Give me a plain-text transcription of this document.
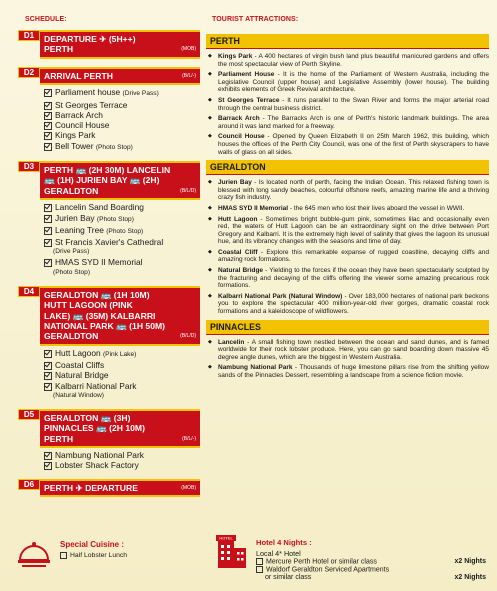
SCHEDULE:	TOURIST ATTRACTIONS:
D1	DEPARTURE ✈ (5H++)
PERTH	(MOB)
D2	ARRIVAL PERTH	(B/L/-)
Parliament house (Drive Pass)
St Georges Terrace
Barrack Arch
Council House
Kings Park
Bell Tower (Photo Stop)
D3	PERTH 🚌 (2H 30M) LANCELIN
🚌 (1H) JURIEN BAY 🚌 (2H)
GERALDTON	(B/L/D)
Lancelin Sand Boarding
Jurien Bay (Photo Stop)
Leaning Tree (Photo Stop)
St Francis Xavier's Cathedral
(Drive Pass)
HMAS SYD II Memorial
(Photo Stop)
D4	GERALDTON 🚌 (1H 10M)
HUTT LAGOON (PINK
LAKE) 🚌 (35M) KALBARRI
NATIONAL PARK 🚌 (1H 50M)
GERALDTON	(B/L/D)
Hutt Lagoon (Pink Lake)
Coastal Cliffs
Natural Bridge
Kalbarri National Park
(Natural Window)
D5	GERALDTON 🚌 (3H)
PINNACLES 🚌 (2H 10M)
PERTH	(B/L/-)
Nambung National Park
Lobster Shack Factory
D6	PERTH ✈ DEPARTURE	(MOB)
PERTH
◆ Kings Park - A 400 hectares of virgin bush land plus beautiful manicured gardens and offers the most spectacular view of Perth Skyline.
◆ Parliament House - It is the home of the Parliament of Western Australia, including the Legislative Council (upper house) and Legislative Assembly (lower house). The building exhibits elements of Greek Revival architecture.
◆ St Georges Terrace - It runs parallel to the Swan River and forms the major arterial road through the central business district.
◆ Barrack Arch - The Barracks Arch is one of Perth's historic landmark buildings. The area around it was land marked for a freeway.
◆ Council House - Opened by Queen Elizabeth II on 25th March 1962, this building, which houses the offices of the Perth City Council, was one of the first of Perth skyscrapers to have walls of glass on all sides.
GERALDTON
◆ Jurien Bay - Is located north of perth, facing the Indian Ocean. This relaxed fishing town is blessed with long sandy beaches, colourful offshore reefs, amazing marine life and a thriving crazy fish industry.
◆ HMAS SYD II Memorial - the 645 men who lost their lives aboard the vessel in WWII.
◆ Hutt Lagoon - Sometimes bright bubble-gum pink, sometimes lilac and occasionally even red, the waters of Hutt Lagoon can be an extraordinary sight on the drive between Port Gregory and Kalbarri. It is the extremely high level of salinity that gives the lagoon its unusual hue, and its vibrancy changes with the seasons and time of day.
◆ Coastal Cliff - Explore this remarkable expanse of rugged coastline, decaying cliffs and amazing rock formations.
◆ Natural Bridge - Yielding to the forces if the ocean they have been spectacularly sculpted by the fracturing and decaying of the cliffs offering the viewer some amazing precarious rock formations.
◆ Kalbarri National Park (Natural Window) - Over 183,000 hectares of national park beckons you to explore the spectacular 400 million-year-old river gorges, dramatic coastal rock formations and a kaleidoscope of wildflowers.
PINNACLES
◆ Lancelin - A small fishing town nestled between the ocean and sand dunes, and is famed worldwide for their rock lobster produce. Here, you can go sand boarding down massive 45 degree angle dunes, which are the biggest in Western Australia.
◆ Nambung National Park - Thousands of huge limestone pillars rise from the shifting yellow sands of the Pinnacles Dessert, resembling a landscape from a science fiction movie.
Special Cuisine :
Half Lobster Lunch
HOTEL	Hotel 4 Nights :
Local 4* Hotel
Mercure Perth Hotel or similar class	x2 Nights
Waldorf Geraldton Serviced Apartments
or similar class	x2 Nights
